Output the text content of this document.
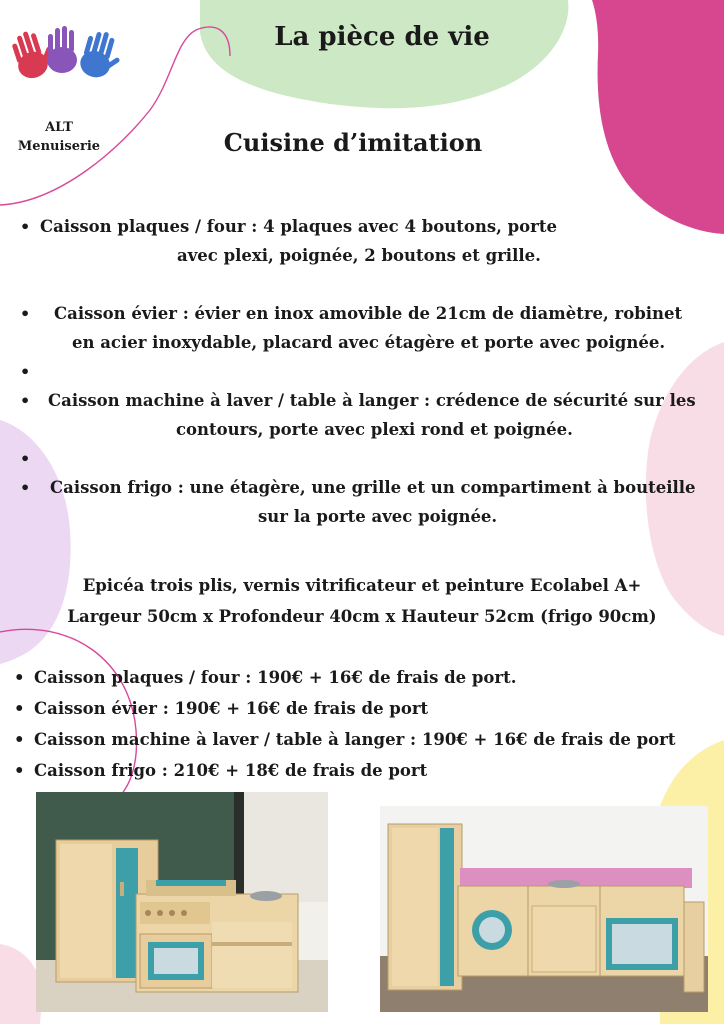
ALT
Menuiserie
La pièce de vie
Cuisine d’imitation
• Caisson plaques / four : 4 plaques avec 4 boutons, porte
avec plexi, poignée, 2 boutons et grille.
•	Caisson évier : évier en inox amovible de 21cm de diamètre, robinet
en acier inoxydable, placard avec étagère et porte avec poignée.
•
•	Caisson machine à laver / table à langer : crédence de sécurité sur les
contours, porte avec plexi rond et poignée.
•
•	Caisson frigo : une étagère, une grille et un compartiment à bouteille
sur la porte avec poignée.
Epicéa trois plis, vernis vitrificateur et peinture Ecolabel A+
Largeur 50cm x Profondeur 40cm x Hauteur 52cm (frigo 90cm)
• Caisson plaques / four : 190€ + 16€ de frais de port.
• Caisson évier : 190€ + 16€ de frais de port
• Caisson machine à laver / table à langer : 190€ + 16€ de frais de port
• Caisson frigo : 210€ + 18€ de frais de port
